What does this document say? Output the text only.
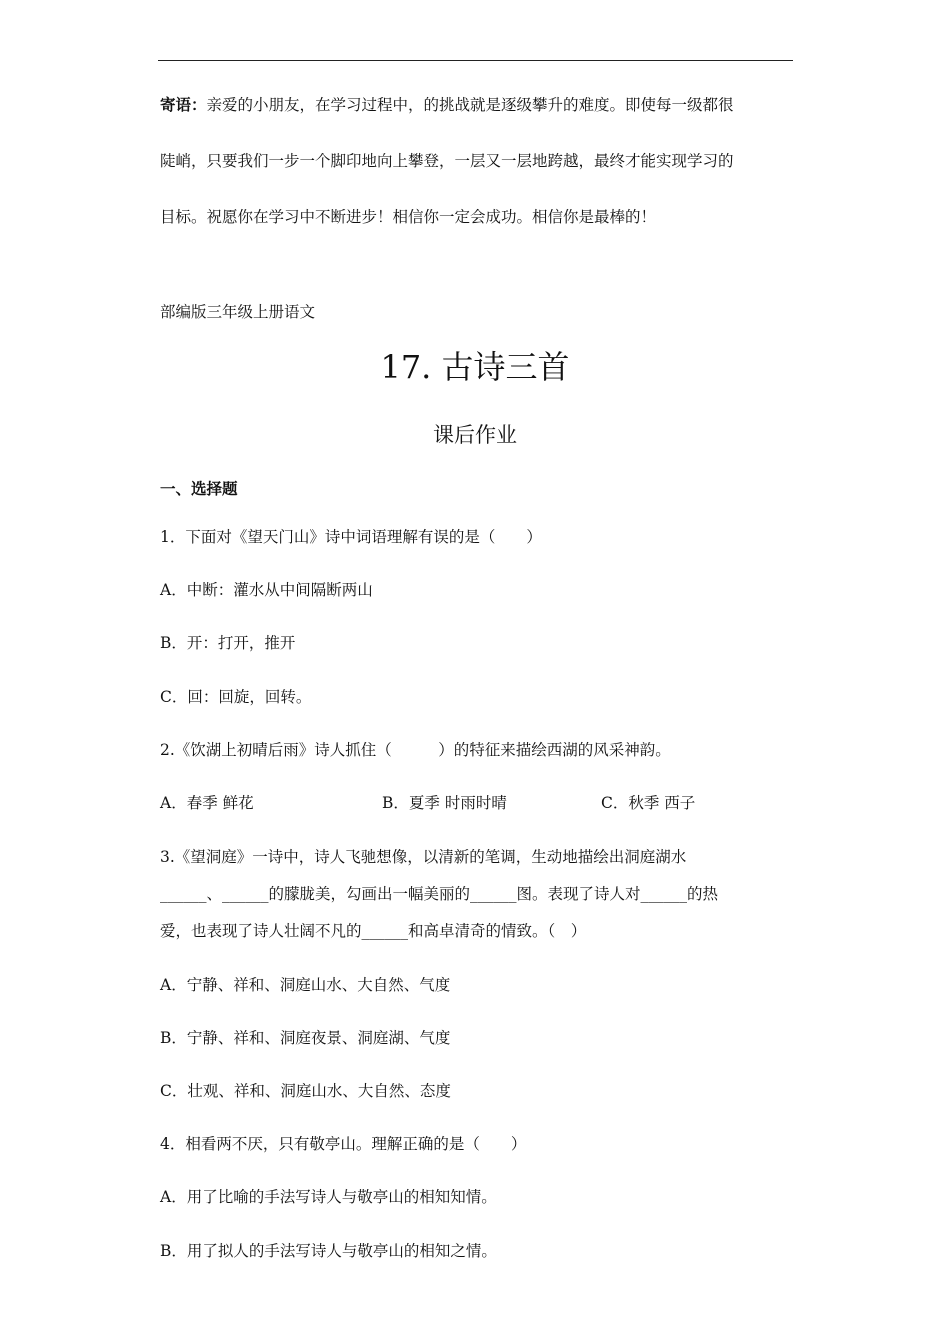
寄语：亲爱的小朋友，在学习过程中，的挑战就是逐级攀升的难度。即使每一级都很
陡峭，只要我们一步一个脚印地向上攀登，一层又一层地跨越，最终才能实现学习的
目标。祝愿你在学习中不断进步！相信你一定会成功。相信你是最棒的！
部编版三年级上册语文
17. 古诗三首
课后作业
一、选择题
1．下面对《望天门山》诗中词语理解有误的是（　　）
A．中断：灌水从中间隔断两山
B．开：打开，推开
C．回：回旋，回转。
2.《饮湖上初晴后雨》诗人抓住（　　　）的特征来描绘西湖的风采神韵。
A．春季 鲜花	B．夏季 时雨时晴	C．秋季 西子
3.《望洞庭》一诗中，诗人飞驰想像，以清新的笔调，生动地描绘出洞庭湖水
______、______的朦胧美，勾画出一幅美丽的______图。表现了诗人对______的热
爱，也表现了诗人壮阔不凡的______和高卓清奇的情致。（　）
A．宁静、祥和、洞庭山水、大自然、气度
B．宁静、祥和、洞庭夜景、洞庭湖、气度
C．壮观、祥和、洞庭山水、大自然、态度
4．相看两不厌，只有敬亭山。理解正确的是（　　）
A．用了比喻的手法写诗人与敬亭山的相知知情。
B．用了拟人的手法写诗人与敬亭山的相知之情。
